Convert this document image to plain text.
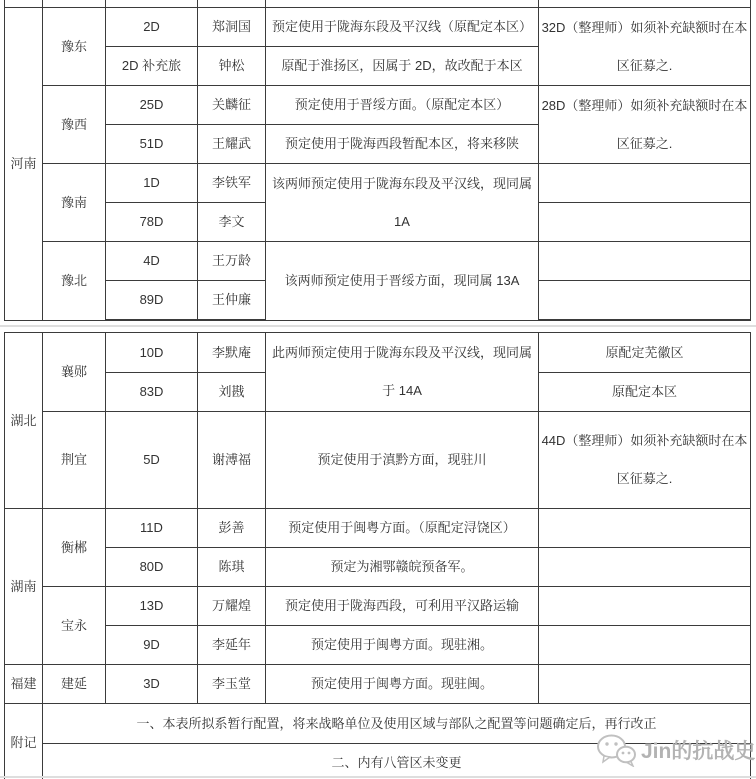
河南	豫东	2D	郑洞国	预定使用于陇海东段及平汉线（原配定本区）	32D（整理师）如须补充缺额时在本区征募之.
		2D 补充旅	钟松	原配于淮扬区，因属于 2D，故改配于本区	
	豫西	25D	关麟征	预定使用于晋绥方面。（原配定本区）	28D（整理师）如须补充缺额时在本区征募之.
		51D	王耀武	预定使用于陇海西段暂配本区，将来移陕	
	豫南	1D	李铁军	该两师预定使用于陇海东段及平汉线，现同属 1A	
		78D	李文		
	豫北	4D	王万龄	该两师预定使用于晋绥方面，现同属 13A	
		89D	王仲廉		
湖北	襄郧	10D	李默庵	此两师预定使用于陇海东段及平汉线，现同属于 14A	原配定芜徽区
		83D	刘戡		原配定本区
	荆宜	5D	谢溥福	预定使用于滇黔方面，现驻川	44D（整理师）如须补充缺额时在本区征募之.
湖南	衡郴	11D	彭善	预定使用于闽粤方面。（原配定浔饶区）	
		80D	陈琪	预定为湘鄂赣皖预备军。	
	宝永	13D	万耀煌	预定使用于陇海西段，可利用平汉路运输	
		9D	李延年	预定使用于闽粤方面。现驻湘。	
福建	建延	3D	李玉堂	预定使用于闽粤方面。现驻闽。	
附记	一、本表所拟系暂行配置，将来战略单位及使用区域与部队之配置等问题确定后，再行改正				
	二、内有八管区未变更					Jin的抗战史
